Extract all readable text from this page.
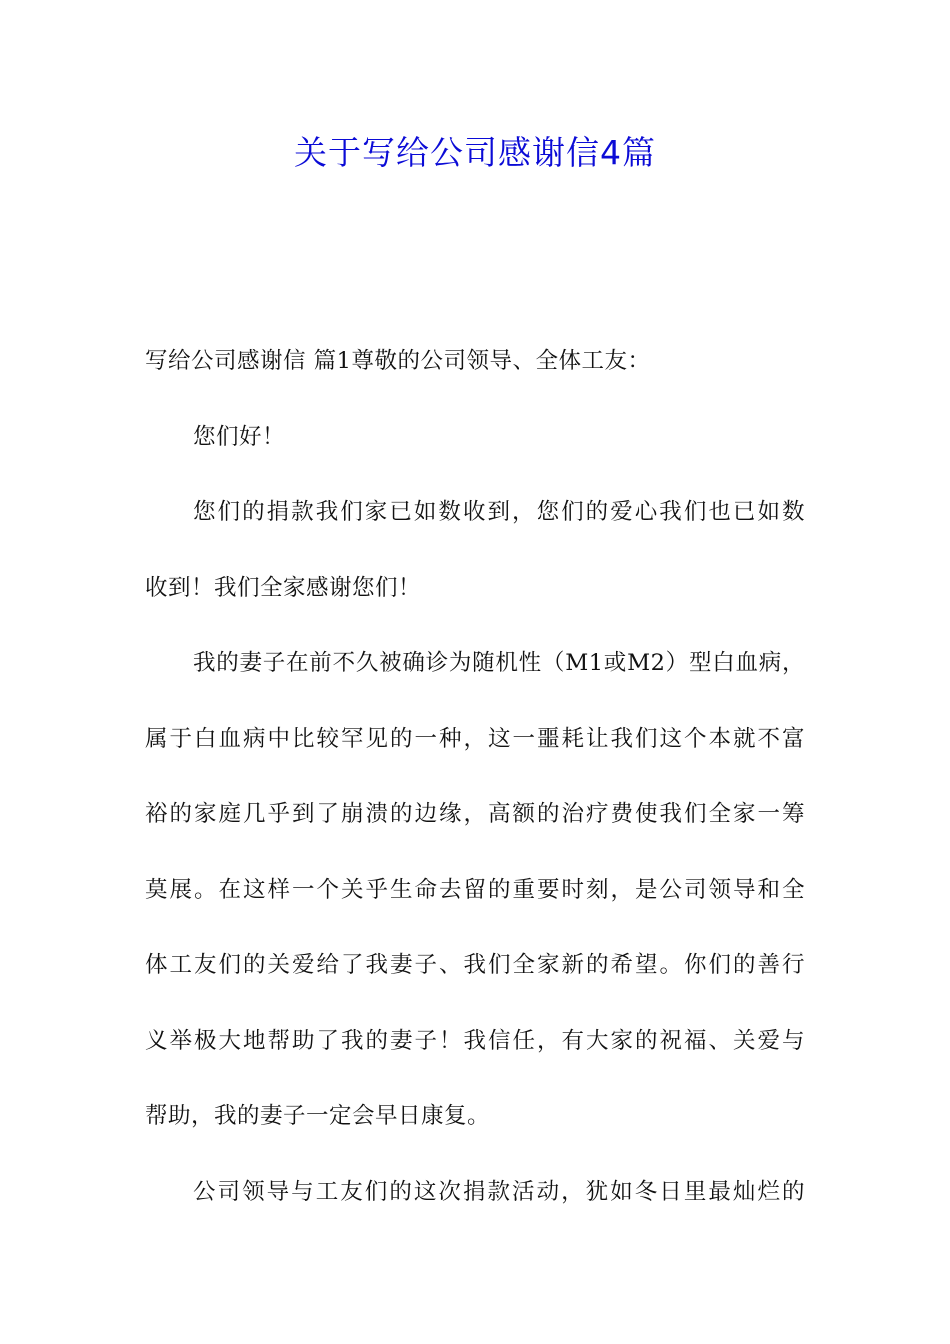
关于写给公司感谢信4篇
写给公司感谢信 篇1尊敬的公司领导、全体工友：
您们好！
您们的捐款我们家已如数收到，您们的爱心我们也已如数
收到！我们全家感谢您们！
我的妻子在前不久被确诊为随机性（M1或M2）型白血病，
属于白血病中比较罕见的一种，这一噩耗让我们这个本就不富
裕的家庭几乎到了崩溃的边缘，高额的治疗费使我们全家一筹
莫展。在这样一个关乎生命去留的重要时刻，是公司领导和全
体工友们的关爱给了我妻子、我们全家新的希望。你们的善行
义举极大地帮助了我的妻子！我信任，有大家的祝福、关爱与
帮助，我的妻子一定会早日康复。
公司领导与工友们的这次捐款活动，犹如冬日里最灿烂的
